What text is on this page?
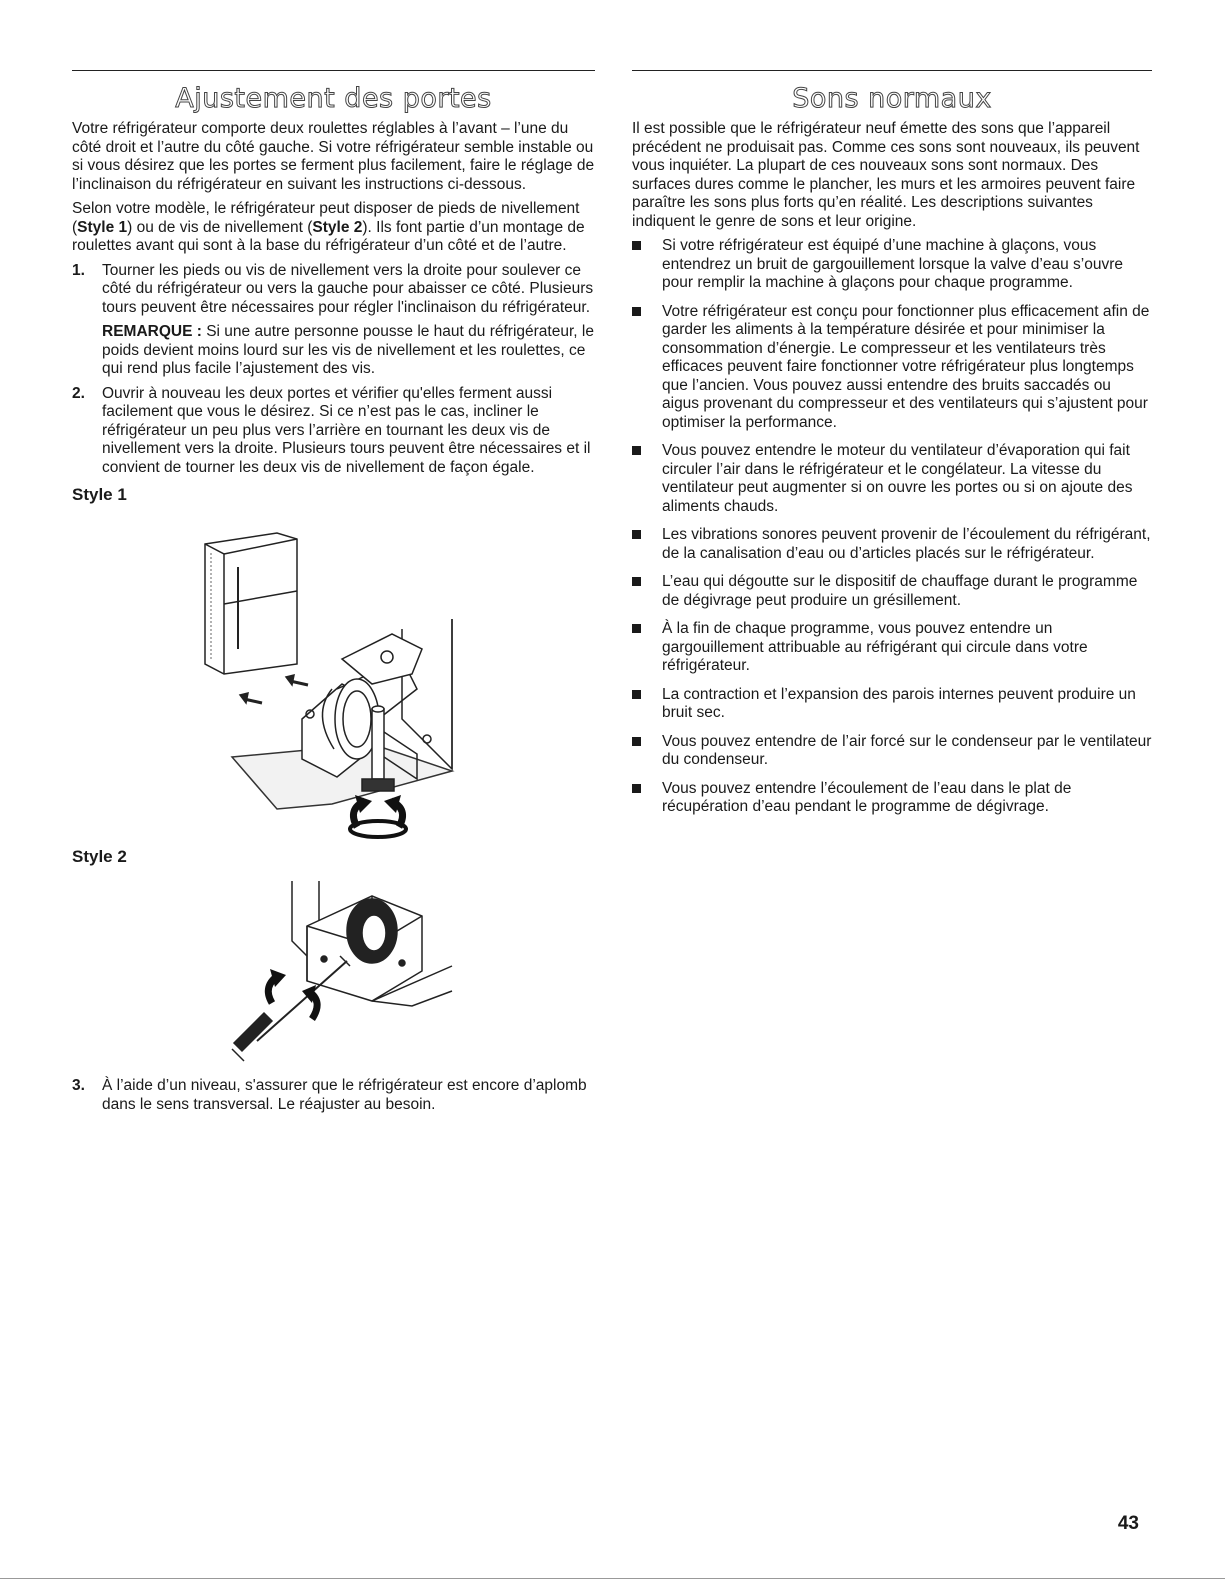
Ajustement des portes

Votre réfrigérateur comporte deux roulettes réglables à l’avant – l’une du côté droit et l’autre du côté gauche. Si votre réfrigérateur semble instable ou si vous désirez que les portes se ferment plus facilement, faire le réglage de l’inclinaison du réfrigérateur en suivant les instructions ci-dessous.

Selon votre modèle, le réfrigérateur peut disposer de pieds de nivellement (Style 1) ou de vis de nivellement (Style 2). Ils font partie d’un montage de roulettes avant qui sont à la base du réfrigérateur d’un côté et de l’autre.

1. Tourner les pieds ou vis de nivellement vers la droite pour soulever ce côté du réfrigérateur ou vers la gauche pour abaisser ce côté. Plusieurs tours peuvent être nécessaires pour régler l'inclinaison du réfrigérateur.

REMARQUE : Si une autre personne pousse le haut du réfrigérateur, le poids devient moins lourd sur les vis de nivellement et les roulettes, ce qui rend plus facile l’ajustement des vis.

2. Ouvrir à nouveau les deux portes et vérifier qu'elles ferment aussi facilement que vous le désirez. Si ce n’est pas le cas, incliner le réfrigérateur un peu plus vers l’arrière en tournant les deux vis de nivellement vers la droite. Plusieurs tours peuvent être nécessaires et il convient de tourner les deux vis de nivellement de façon égale.

Style 1
Style 2
3. À l’aide d’un niveau, s'assurer que le réfrigérateur est encore d’aplomb dans le sens transversal. Le réajuster au besoin.

Sons normaux

Il est possible que le réfrigérateur neuf émette des sons que l’appareil précédent ne produisait pas. Comme ces sons sont nouveaux, ils peuvent vous inquiéter. La plupart de ces nouveaux sons sont normaux. Des surfaces dures comme le plancher, les murs et les armoires peuvent faire paraître les sons plus forts qu’en réalité. Les descriptions suivantes indiquent le genre de sons et leur origine.

Si votre réfrigérateur est équipé d’une machine à glaçons, vous entendrez un bruit de gargouillement lorsque la valve d’eau s’ouvre pour remplir la machine à glaçons pour chaque programme.

Votre réfrigérateur est conçu pour fonctionner plus efficacement afin de garder les aliments à la température désirée et pour minimiser la consommation d’énergie. Le compresseur et les ventilateurs très efficaces peuvent faire fonctionner votre réfrigérateur plus longtemps que l’ancien. Vous pouvez aussi entendre des bruits saccadés ou aigus provenant du compresseur et des ventilateurs qui s’ajustent pour optimiser la performance.

Vous pouvez entendre le moteur du ventilateur d’évaporation qui fait circuler l’air dans le réfrigérateur et le congélateur. La vitesse du ventilateur peut augmenter si on ouvre les portes ou si on ajoute des aliments chauds.

Les vibrations sonores peuvent provenir de l’écoulement du réfrigérant, de la canalisation d’eau ou d’articles placés sur le réfrigérateur.

L’eau qui dégoutte sur le dispositif de chauffage durant le programme de dégivrage peut produire un grésillement.

À la fin de chaque programme, vous pouvez entendre un gargouillement attribuable au réfrigérant qui circule dans votre réfrigérateur.

La contraction et l’expansion des parois internes peuvent produire un bruit sec.

Vous pouvez entendre de l’air forcé sur le condenseur par le ventilateur du condenseur.

Vous pouvez entendre l’écoulement de l’eau dans le plat de récupération d’eau pendant le programme de dégivrage.

43
